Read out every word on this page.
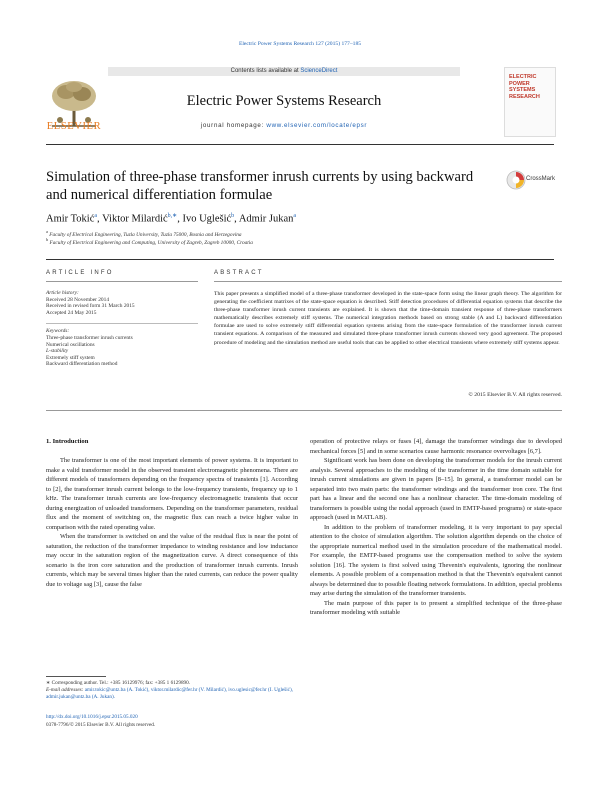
Electric Power Systems Research 127 (2015) 177–185
Contents lists available at ScienceDirect
ELSEVIER
Electric Power Systems Research
journal homepage: www.elsevier.com/locate/epsr
ELECTRIC POWER SYSTEMS RESEARCH
Simulation of three-phase transformer inrush currents by using backward and numerical differentiation formulae
CrossMark
Amir Tokić$^a$, Viktor Milardić$^{b,∗}$, Ivo Uglešić$^b$, Admir Jukan$^a$
$^a$ Faculty of Electrical Engineering, Tuzla University, Tuzla 75000, Bosnia and Herzegovina
$^b$ Faculty of Electrical Engineering and Computing, University of Zagreb, Zagreb 10000, Croatia
ARTICLE INFO	ABSTRACT
Article history:
Received 28 November 2014
Received in revised form 31 March 2015
Accepted 24 May 2015
Keywords:
Three-phase transformer inrush currents
Numerical oscillations
L-stability
Extremely stiff system
Backward differentiation method
This paper presents a simplified model of a three-phase transformer developed in the state-space form using the linear graph theory. The algorithm for generating the coefficient matrixes of the state-space equation is described. Stiff detection procedures of differential equation systems that describe the three-phase transformer inrush current transients are explained. It is shown that the time-domain transient response of three-phase transformers mathematically describes extremely stiff systems. The numerical integration methods based on strong stable (A and L) backward differentiation formulae are used to solve extremely stiff differential equation systems arising from the state-space formulation of the transformer inrush current transient equations. A comparison of the measured and simulated three-phase transformer inrush currents showed very good agreement. The proposed procedure of modeling and the simulation method are useful tools that can be applied to other electrical transients where extremely stiff systems appear.
© 2015 Elsevier B.V. All rights reserved.
1. Introduction

The transformer is one of the most important elements of power systems. It is important to make a valid transformer model in the observed transient electromagnetic phenomena. There are different models of transformers depending on the frequency spectra of transients [1]. According to [2], the transformer inrush current belongs to the low-frequency transients, frequency up to 1 kHz. The transformer inrush currents are low-frequency electromagnetic transients that occur during energization of unloaded transformers. Depending on the transformer parameters, residual flux and the moment of switching on, the magnetic flux can reach a twice higher value in comparison with the rated operating value.

When the transformer is switched on and the value of the residual flux is near the point of saturation, the reduction of the transformer impedance to winding resistance and low inductance may occur in the saturation region of the magnetization curve. A direct consequence of this scenario is the iron core saturation and the production of transformer inrush currents. Inrush currents, which may be several times higher than the rated currents, can reduce the power quality due to voltage sag [3], cause the false

operation of protective relays or fuses [4], damage the transformer windings due to developed mechanical forces [5] and in some scenarios cause harmonic resonance overvoltages [6,7].

Significant work has been done on developing the transformer models for the inrush current analysis. Several approaches to the modeling of the transformer in the time domain suitable for inrush current simulations are given in papers [8–15]. In general, a transformer model can be separated into two main parts: the transformer windings and the transformer iron core. The first part has a linear and the second one has a nonlinear character. The time-domain modeling of transformers is possible using the nodal approach (used in EMTP-based programs) or state-space approach (used in MATLAB).

In addition to the problem of transformer modeling, it is very important to pay special attention to the choice of simulation algorithm. The solution algorithm depends on the choice of the appropriate numerical method used in the simulation procedure of the mathematical model. For example, the EMTP-based programs use the compensation method to solve the system solution [16]. The system is first solved using Thevenin's equivalents, ignoring the nonlinear elements. A possible problem of a compensation method is that the Thevenin's equivalent cannot always be determined due to possible floating network formulations. In addition, special problems may arise during the simulation of the transformer transients.

The main purpose of this paper is to present a simplified technique of the three-phase transformer modeling with suitable

∗ Corresponding author. Tel.: +385 16129976; fax: +385 1 6129890.
E-mail addresses: amir.tokic@untz.ba (A. Tokić), viktor.milardic@fer.hr (V. Milardić), ivo.uglesic@fer.hr (I. Uglešić), admir.jukan@untz.ba (A. Jukan).
http://dx.doi.org/10.1016/j.epsr.2015.05.020
0378-7796/© 2015 Elsevier B.V. All rights reserved.
